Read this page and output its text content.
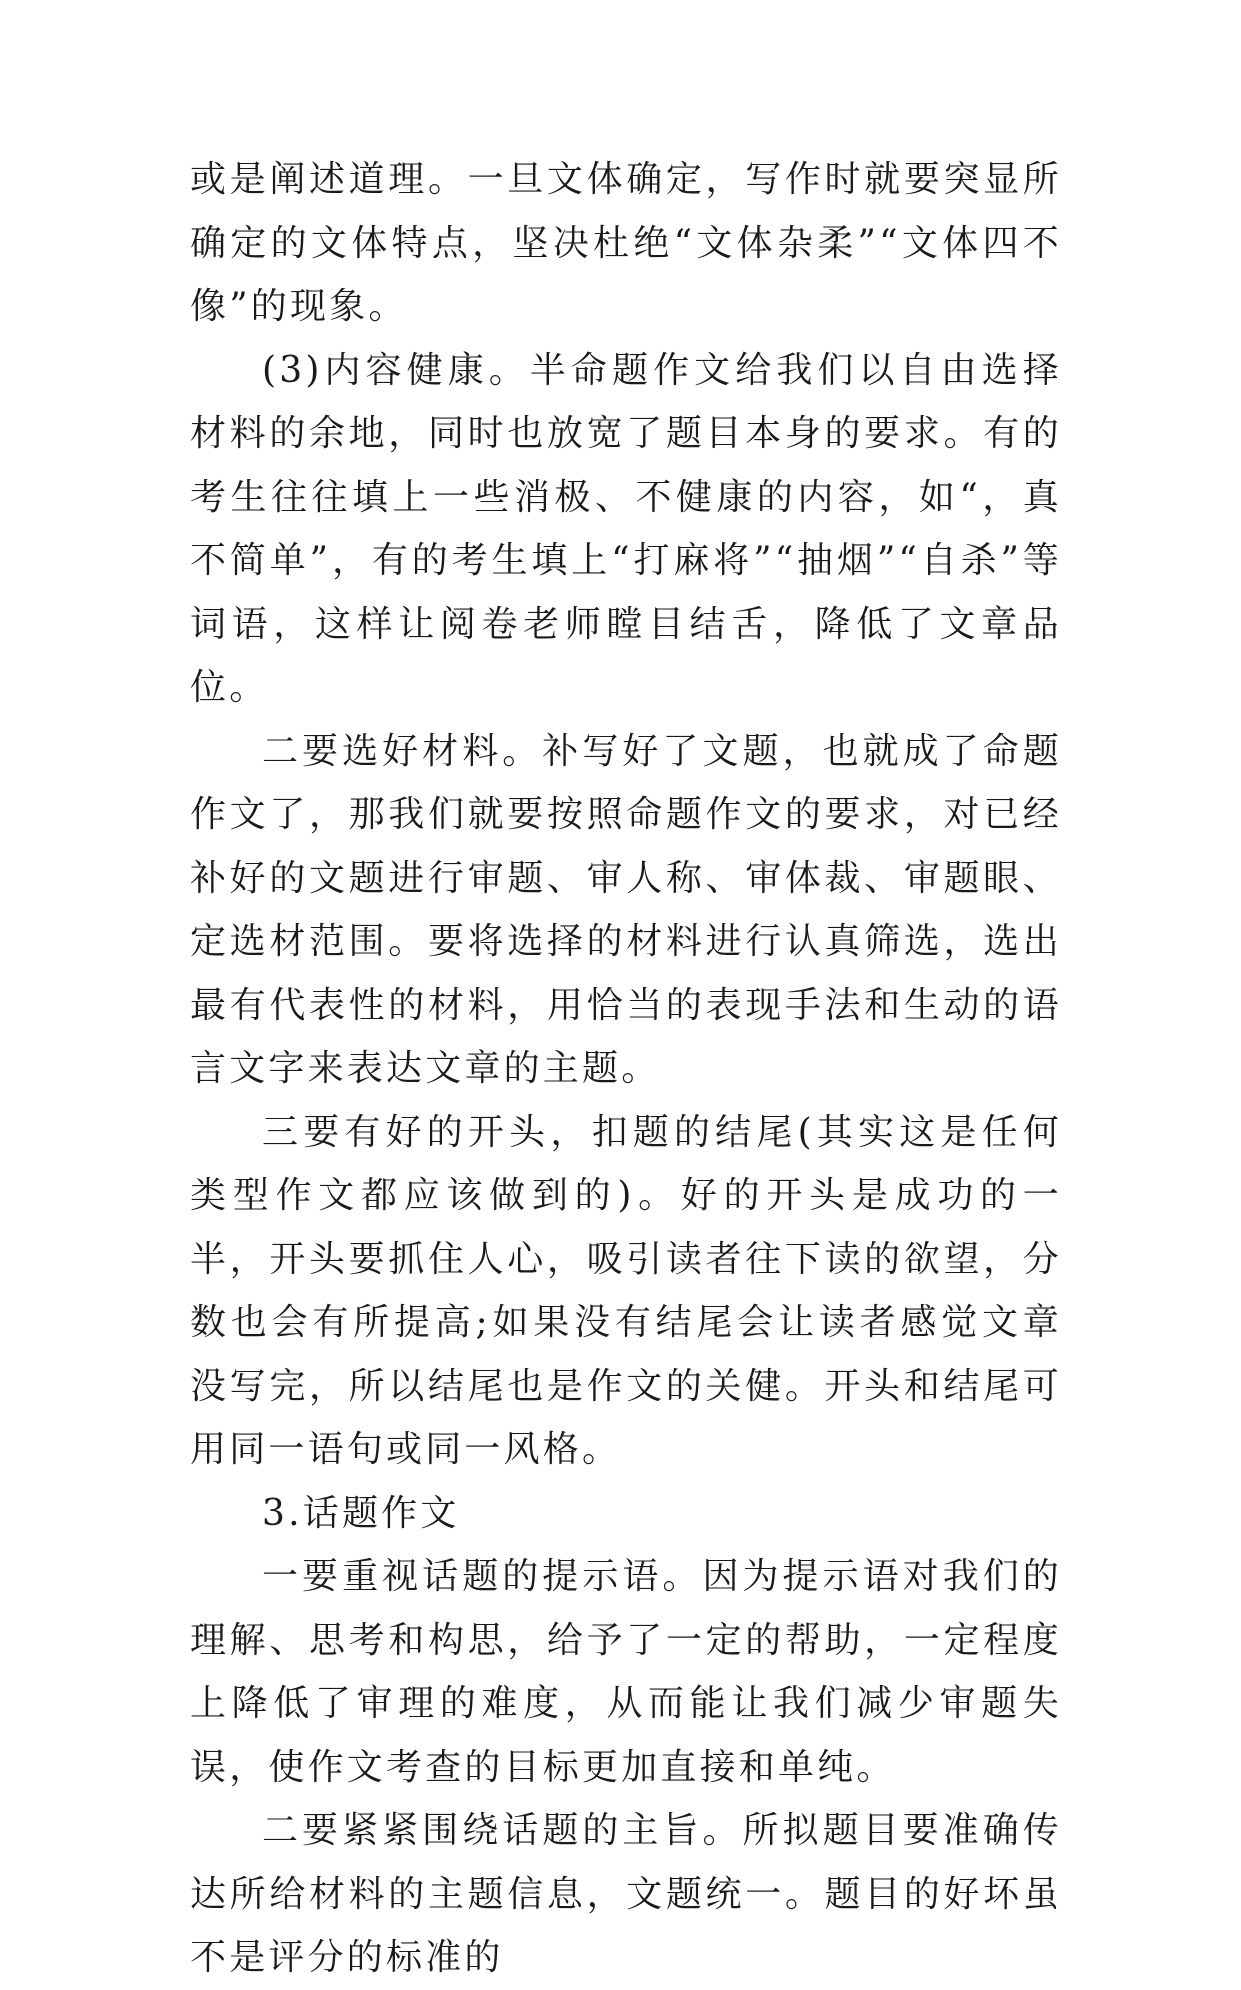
或是阐述道理。一旦文体确定，写作时就要突显所确定的文体特点，坚决杜绝“文体杂柔”“文体四不像”的现象。

(3)内容健康。半命题作文给我们以自由选择材料的余地，同时也放宽了题目本身的要求。有的考生往往填上一些消极、不健康的内容，如“，真不简单”，有的考生填上“打麻将”“抽烟”“自杀”等词语，这样让阅卷老师瞠目结舌，降低了文章品位。

二要选好材料。补写好了文题，也就成了命题作文了，那我们就要按照命题作文的要求，对已经补好的文题进行审题、审人称、审体裁、审题眼、定选材范围。要将选择的材料进行认真筛选，选出最有代表性的材料，用恰当的表现手法和生动的语言文字来表达文章的主题。

三要有好的开头，扣题的结尾(其实这是任何类型作文都应该做到的)。好的开头是成功的一半，开头要抓住人心，吸引读者往下读的欲望，分数也会有所提高;如果没有结尾会让读者感觉文章没写完，所以结尾也是作文的关健。开头和结尾可用同一语句或同一风格。

3.话题作文

一要重视话题的提示语。因为提示语对我们的理解、思考和构思，给予了一定的帮助，一定程度上降低了审理的难度，从而能让我们减少审题失误，使作文考查的目标更加直接和单纯。

二要紧紧围绕话题的主旨。所拟题目要准确传达所给材料的主题信息，文题统一。题目的好坏虽不是评分的标准的
